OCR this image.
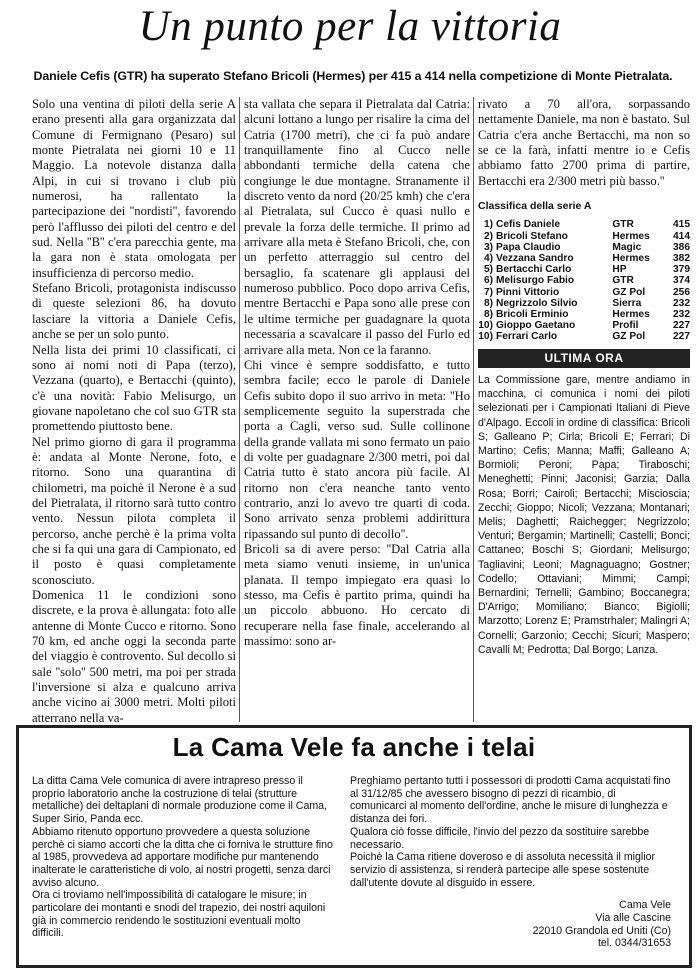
Un punto per la vittoria
Daniele Cefis (GTR) ha superato Stefano Bricoli (Hermes) per 415 a 414 nella competizione di Monte Pietralata.

Solo una ventina di piloti della serie A erano presenti alla gara organizzata dal Comune di Fermignano (Pesaro) sul monte Pietralata nei giorni 10 e 11 Maggio. La notevole distanza dalla Alpi, in cui si trovano i club più numerosi, ha rallentato la partecipazione dei ''nordisti'', favorendo però l'afflusso dei piloti del centro e del sud. Nella ''B'' c'era parecchia gente, ma la gara non è stata omologata per insufficienza di percorso medio.

Stefano Bricoli, protagonista indiscusso di queste selezioni 86, ha dovuto lasciare la vittoria a Daniele Cefis, anche se per un solo punto.

Nella lista dei primi 10 classificati, ci sono ai nomi noti di Papa (terzo), Vezzana (quarto), e Bertacchi (quinto), c'è una novità: Fabio Melisurgo, un giovane napoletano che col suo GTR sta promettendo piuttosto bene.

Nel primo giorno di gara il programma è: andata al Monte Nerone, foto, e ritorno. Sono una quarantina di chilometri, ma poichè il Nerone è a sud del Pietralata, il ritorno sarà tutto contro vento. Nessun pilota completa il percorso, anche perchè è la prima volta che si fa qui una gara di Campionato, ed il posto è quasi completamente sconosciuto.

Domenica 11 le condizioni sono discrete, e la prova è allungata: foto alle antenne di Monte Cucco e ritorno. Sono 70 km, ed anche oggi la seconda parte del viaggio è controvento. Sul decollo si sale ''solo'' 500 metri, ma poi per strada l'inversione si alza e qualcuno arriva anche vicino ai 3000 metri. Molti piloti atterrano nella va-

sta vallata che separa il Pietralata dal Catria: alcuni lottano a lungo per risalire la cima del Catria (1700 metri), che ci fa può andare tranquillamente fino al Cucco nelle abbondanti termiche della catena che congiunge le due montagne. Stranamente il discreto vento da nord (20/25 kmh) che c'era al Pietralata, sul Cucco è quasi nullo e prevale la forza delle termiche. Il primo ad arrivare alla meta è Stefano Bricoli, che, con un perfetto atterraggio sul centro del bersaglio, fa scatenare gli applausi del numeroso pubblico. Poco dopo arriva Cefis, mentre Bertacchi e Papa sono alle prese con le ultime termiche per guadagnare la quota necessaria a scavalcare il passo del Furlo ed arrivare alla meta. Non ce la faranno.

Chi vince è sempre soddisfatto, e tutto sembra facile; ecco le parole di Daniele Cefis subito dopo il suo arrivo in meta: ''Ho semplicemente seguito la superstrada che porta a Cagli, verso sud. Sulle collinone della grande vallata mi sono fermato un paio di volte per guadagnare 2/300 metri, poi dal Catria tutto è stato ancora più facile. Al ritorno non c'era neanche tanto vento contrario, anzi lo avevo tre quarti di coda. Sono arrivato senza problemi addirittura ripassando sul punto di decollo''.

Bricoli sa di avere perso: ''Dal Catria alla meta siamo venuti insieme, in un'unica planata. Il tempo impiegato era quasi lo stesso, ma Cefis è partito prima, quindi ha un piccolo abbuono. Ho cercato di recuperare nella fase finale, accelerando al massimo: sono ar-

rivato a 70 all'ora, sorpassando nettamente Daniele, ma non è bastato. Sul Catria c'era anche Bertacchi, ma non so se ce la farà, infatti mentre io e Cefis abbiamo fatto 2700 prima di partire, Bertacchi era 2/300 metri più basso.''

Classifica della serie A
1)	Cefis Daniele	GTR	415
2)	Bricoli Stefano	Hermes	414
3)	Papa Claudio	Magic	386
4)	Vezzana Sandro	Hermes	382
5)	Bertacchi Carlo	HP	379
6)	Melisurgo Fabio	GTR	374
7)	Pinni Vittorio	GZ Pol	256
8)	Negrizzolo Silvio	Sierra	232
8)	Bricoli Erminio	Hermes	232
10)	Gioppo Gaetano	Profil	227
10)	Ferrari Carlo	GZ Pol	227
ULTIMA ORA
La Commissione gare, mentre andiamo in macchina, ci comunica i nomi dei piloti selezionati per i Campionati Italiani di Pieve d'Alpago. Eccoli in ordine di classifica: Bricoli S; Galleano P; Cirla; Bricoli E; Ferrari; Di Martino; Cefis; Manna; Maffi; Galleano A; Bormioli; Peroni; Papa; Tiraboschi; Meneghetti; Pinni; Jaconisi; Garzia; Dalla Rosa; Borri; Cairoli; Bertacchi; Miscioscia; Zecchi; Gioppo; Nicoli; Vezzana; Montanari; Melis; Daghetti; Raichegger; Negrizzolo; Venturi; Bergamin; Martinelli; Castelli; Bonci; Cattaneo; Boschi S; Giordani; Melisurgo; Tagliavini; Leoni; Magnaguagno; Gostner; Codello; Ottaviani; Mimmi; Campi; Bernardini; Ternelli; Gambino; Boccanegra; D'Arrigo; Momiliano; Bianco; Bigiolli; Marzotto; Lorenz E; Pramstrhaler; Malingri A; Cornelli; Garzonio; Cecchi; Sicuri; Maspero; Cavalli M; Pedrotta; Dal Borgo; Lanza.
La Cama Vele fa anche i telai

La ditta Cama Vele comunica di avere intrapreso presso il proprio laboratorio anche la costruzione di telai (strutture metalliche) dei deltaplani di normale produzione come il Cama, Super Sirio, Panda ecc.

Abbiamo ritenuto opportuno provvedere a questa soluzione perchè ci siamo accorti che la ditta che ci forniva le strutture fino al 1985, provvedeva ad apportare modifiche pur mantenendo inalterate le caratteristiche di volo, ai nostri progetti, senza darci avviso alcuno.

Ora ci troviamo nell'impossibilità di catalogare le misure; in particolare dei montanti e snodi del trapezio, dei nostri aquiloni già in commercio rendendo le sostituzioni eventuali molto difficili.

Preghiamo pertanto tutti i possessori di prodotti Cama acquistati fino al 31/12/85 che avessero bisogno di pezzi di ricambio, di comunicarci al momento dell'ordine, anche le misure di lunghezza e distanza dei fori.

Qualora ciò fosse difficile, l'invio del pezzo da sostituire sarebbe necessario.

Poichè la Cama ritiene doveroso e di assoluta necessità il miglior servizio di assistenza, si renderà partecipe alle spese sostenute dall'utente dovute al disguido in essere.

Cama Vele
Via alle Cascine
22010 Grandola ed Uniti (Co)
tel. 0344/31653
